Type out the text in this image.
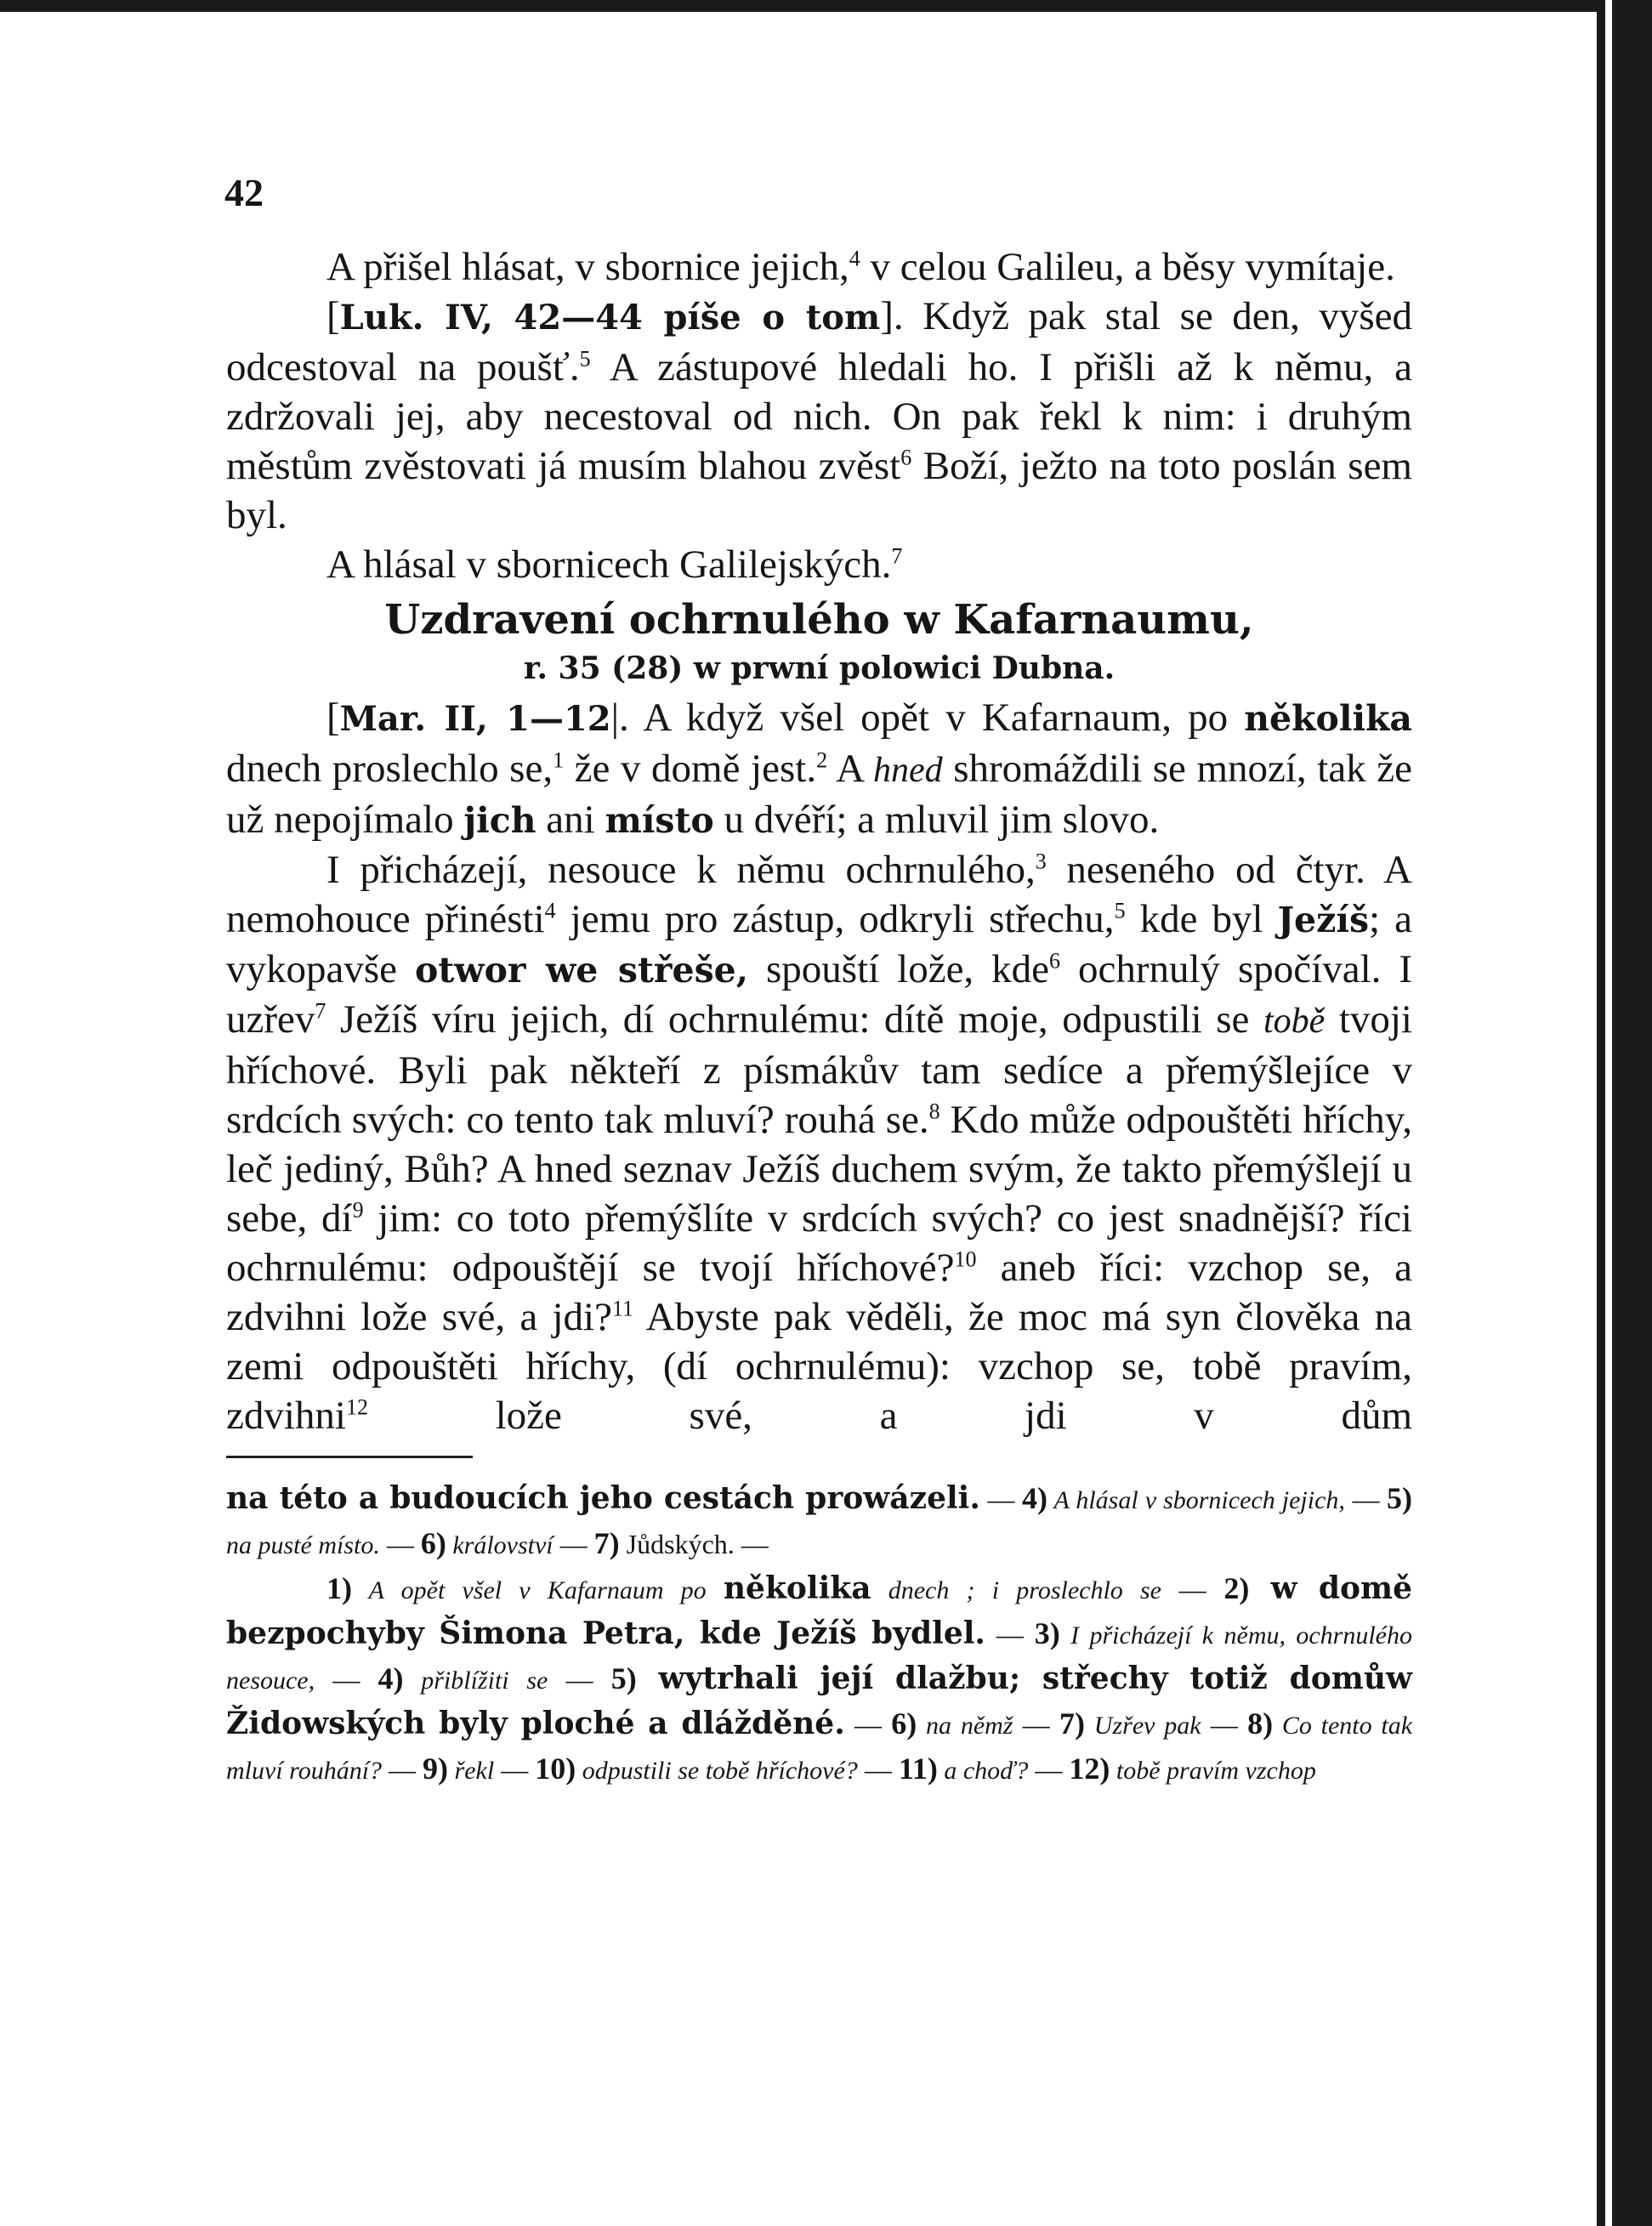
42

A přišel hlásat, v sbornice jejich,$^4$ v celou Galileu, a běsy vymítaje.

[Luk. IV, 42—44 píše o tom]. Když pak stal se den, vyšed odcestoval na poušť.$^5$ A zástupové hledali ho. I přišli až k němu, a zdržovali jej, aby necestoval od nich. On pak řekl k nim: i druhým městům zvěstovati já musím blahou zvěst$^6$ Boží, ježto na toto poslán sem byl.

A hlásal v sbornicech Galilejských.$^7$

Uzdravení ochrnulého w Kafarnaumu,
r. 35 (28) w prwní polowici Dubna.

[Mar. II, 1—12|. A když všel opět v Kafarnaum, po několika dnech proslechlo se,$^1$ že v domě jest.$^2$ A hned shromáždili se mnozí, tak že už nepojímalo jich ani místo u dvéří; a mluvil jim slovo.

I přicházejí, nesouce k němu ochrnulého,$^3$ neseného od čtyr. A nemohouce přinésti$^4$ jemu pro zástup, odkryli střechu,$^5$ kde byl Ježíš; a vykopavše otwor we střeše, spouští lože, kde$^6$ ochrnulý spočíval. I uzřev$^7$ Ježíš víru jejich, dí ochrnulému: dítě moje, odpustili se tobě tvoji hříchové. Byli pak někteří z písmákův tam sedíce a přemýšlejíce v srdcích svých: co tento tak mluví? rouhá se.$^8$ Kdo může odpouštěti hříchy, leč jediný, Bůh? A hned seznav Ježíš duchem svým, že takto přemýšlejí u sebe, $dí^9$ jim: co toto přemýšlíte v srdcích svých? co jest snadnější? říci ochrnulému: odpouštějí se tvojí hříchové?$^{10}$ aneb říci: vzchop se, a zdvihni lože své, a jdi?$^{11}$ Abyste pak věděli, že moc má syn člověka na zemi odpouštěti hříchy, (dí ochrnulému): vzchop se, tobě pravím, zdvihni$^{12}$ lože své, a jdi v dům

na této a budoucích jeho cestách prowázeli. — 4) A hlásal v sbornicech jejich, — 5) na pusté místo. — 6) království — 7) Jůdských. —

1) A opět všel v Kafarnaum po několika dnech ; i proslechlo se — 2) w domě bezpochyby Šimona Petra, kde Ježíš bydlel. — 3) I přicházejí k němu, ochrnulého nesouce, — 4) přiblížiti se — 5) wytrhali její dlažbu; střechy totiž domůw Židowských byly ploché a dlážděné. — 6) na němž — 7) Uzřev pak — 8) Co tento tak mluví rouhání? — 9) řekl — 10) odpustili se tobě hříchové? — 11) a choď? — 12) tobě pravím vzchop
